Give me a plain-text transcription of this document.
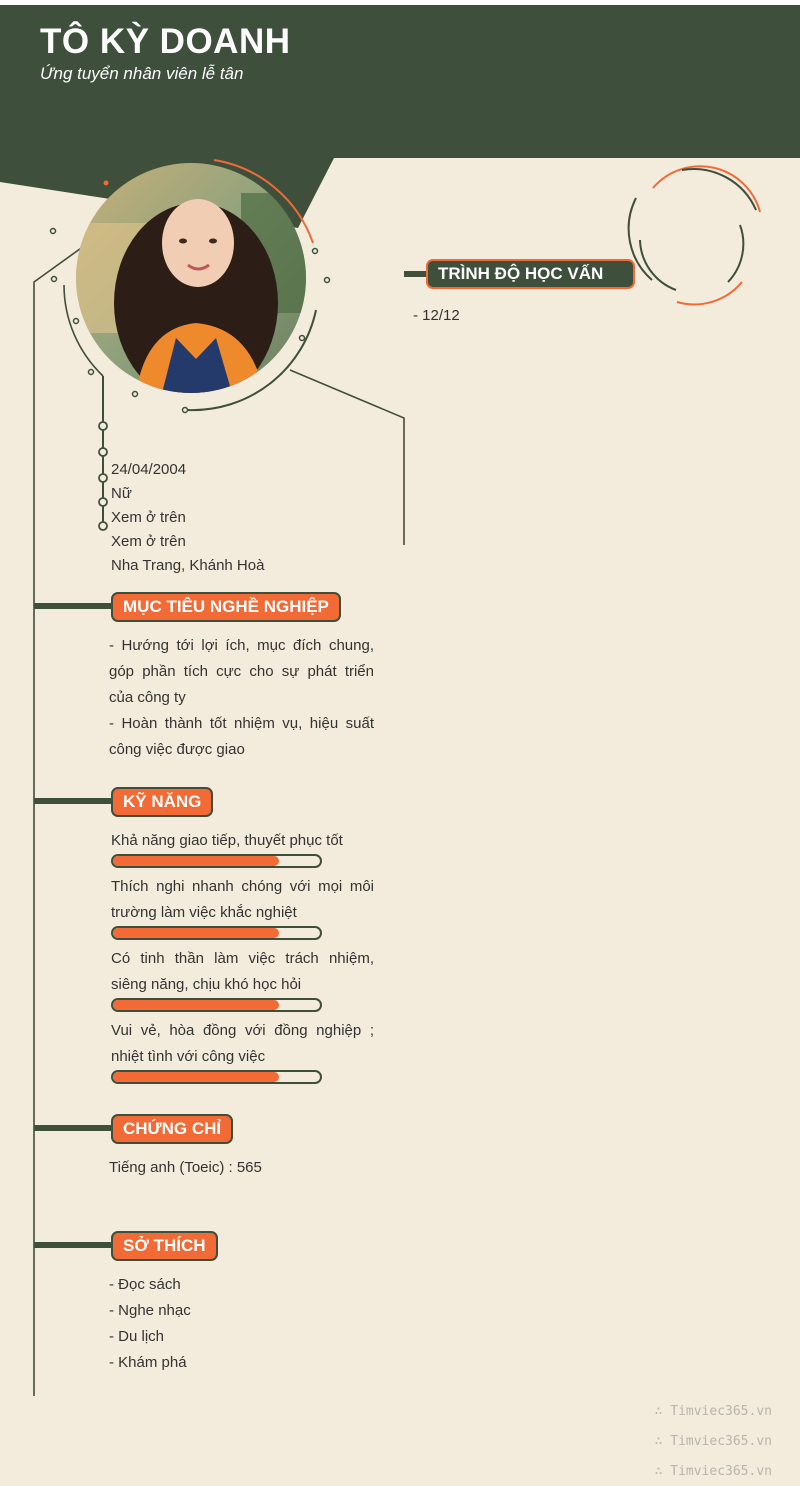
TÔ KỲ DOANH
Ứng tuyển nhân viên lễ tân
24/04/2004
Nữ
Xem ở trên
Xem ở trên
Nha Trang, Khánh Hoà
TRÌNH ĐỘ HỌC VẤN
- 12/12
MỤC TIÊU NGHỀ NGHIỆP
- Hướng tới lợi ích, mục đích chung, góp phần tích cực cho sự phát triển của công ty
- Hoàn thành tốt nhiệm vụ, hiệu suất công việc được giao
KỸ NĂNG
Khả năng giao tiếp, thuyết phục tốt
Thích nghi nhanh chóng với mọi môi trường làm việc khắc nghiệt
Có tinh thần làm việc trách nhiệm, siêng năng, chịu khó học hỏi
Vui vẻ, hòa đồng với đồng nghiệp ; nhiệt tình với công việc
CHỨNG CHỈ
Tiếng anh (Toeic) : 565
SỞ THÍCH
- Đọc sách
- Nghe nhạc
- Du lịch
- Khám phá
∴ Timviec365.vn
∴ Timviec365.vn
∴ Timviec365.vn
